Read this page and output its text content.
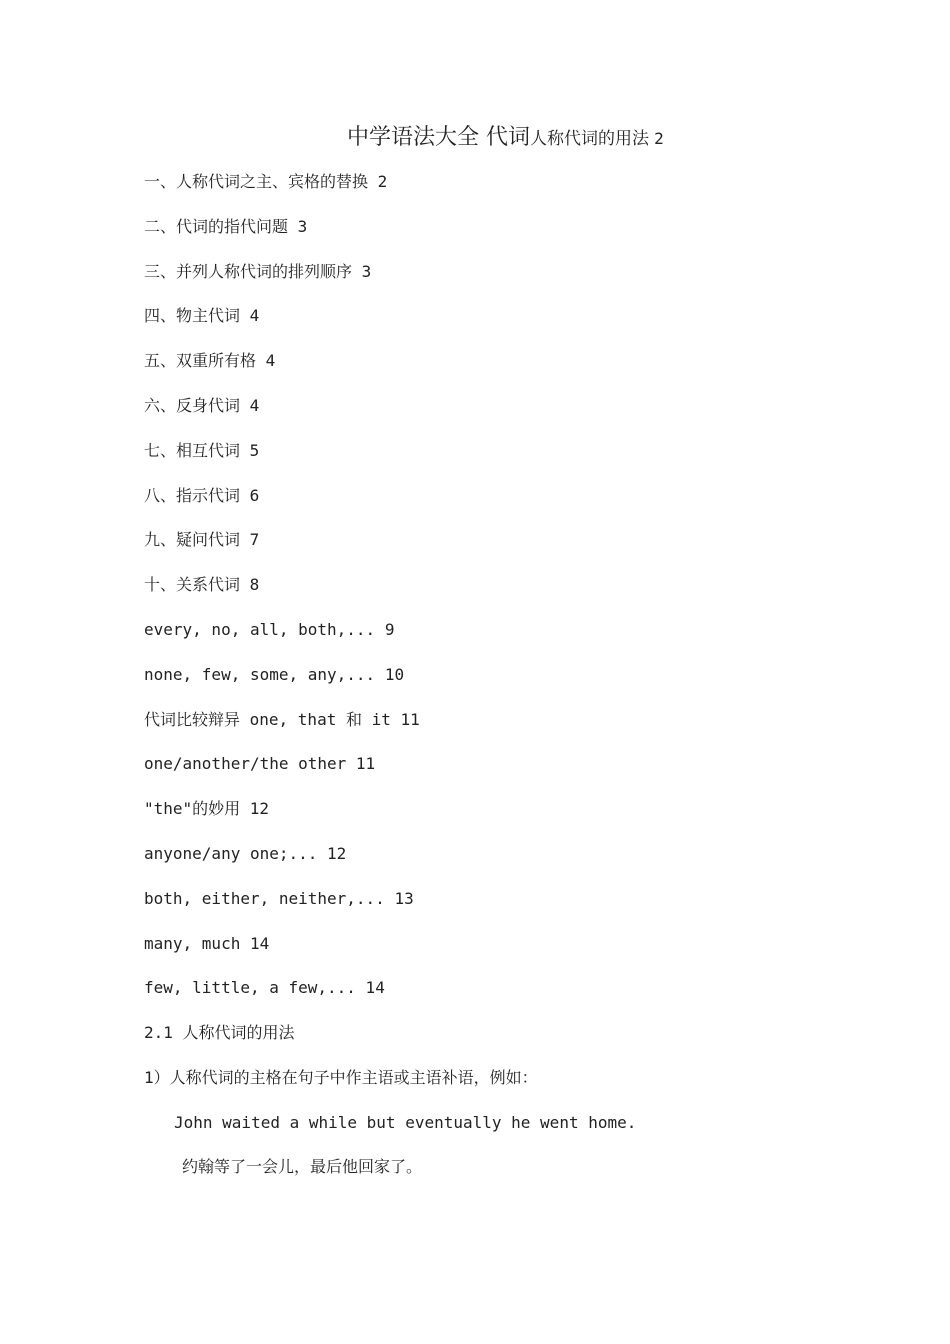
中学语法大全 代词人称代词的用法 2
一、人称代词之主、宾格的替换 2
二、代词的指代问题 3
三、并列人称代词的排列顺序 3
四、物主代词 4
五、双重所有格 4
六、反身代词 4
七、相互代词 5
八、指示代词 6
九、疑问代词 7
十、关系代词 8
every, no, all, both,... 9
none, few, some, any,... 10
代词比较辩异 one, that 和 it 11
one/another/the other 11
"the"的妙用 12
anyone/any one;... 12
both, either, neither,... 13
many, much 14
few, little, a few,... 14
2.1 人称代词的用法
1）人称代词的主格在句子中作主语或主语补语，例如：
John waited a while but eventually he went home.
约翰等了一会儿，最后他回家了。
